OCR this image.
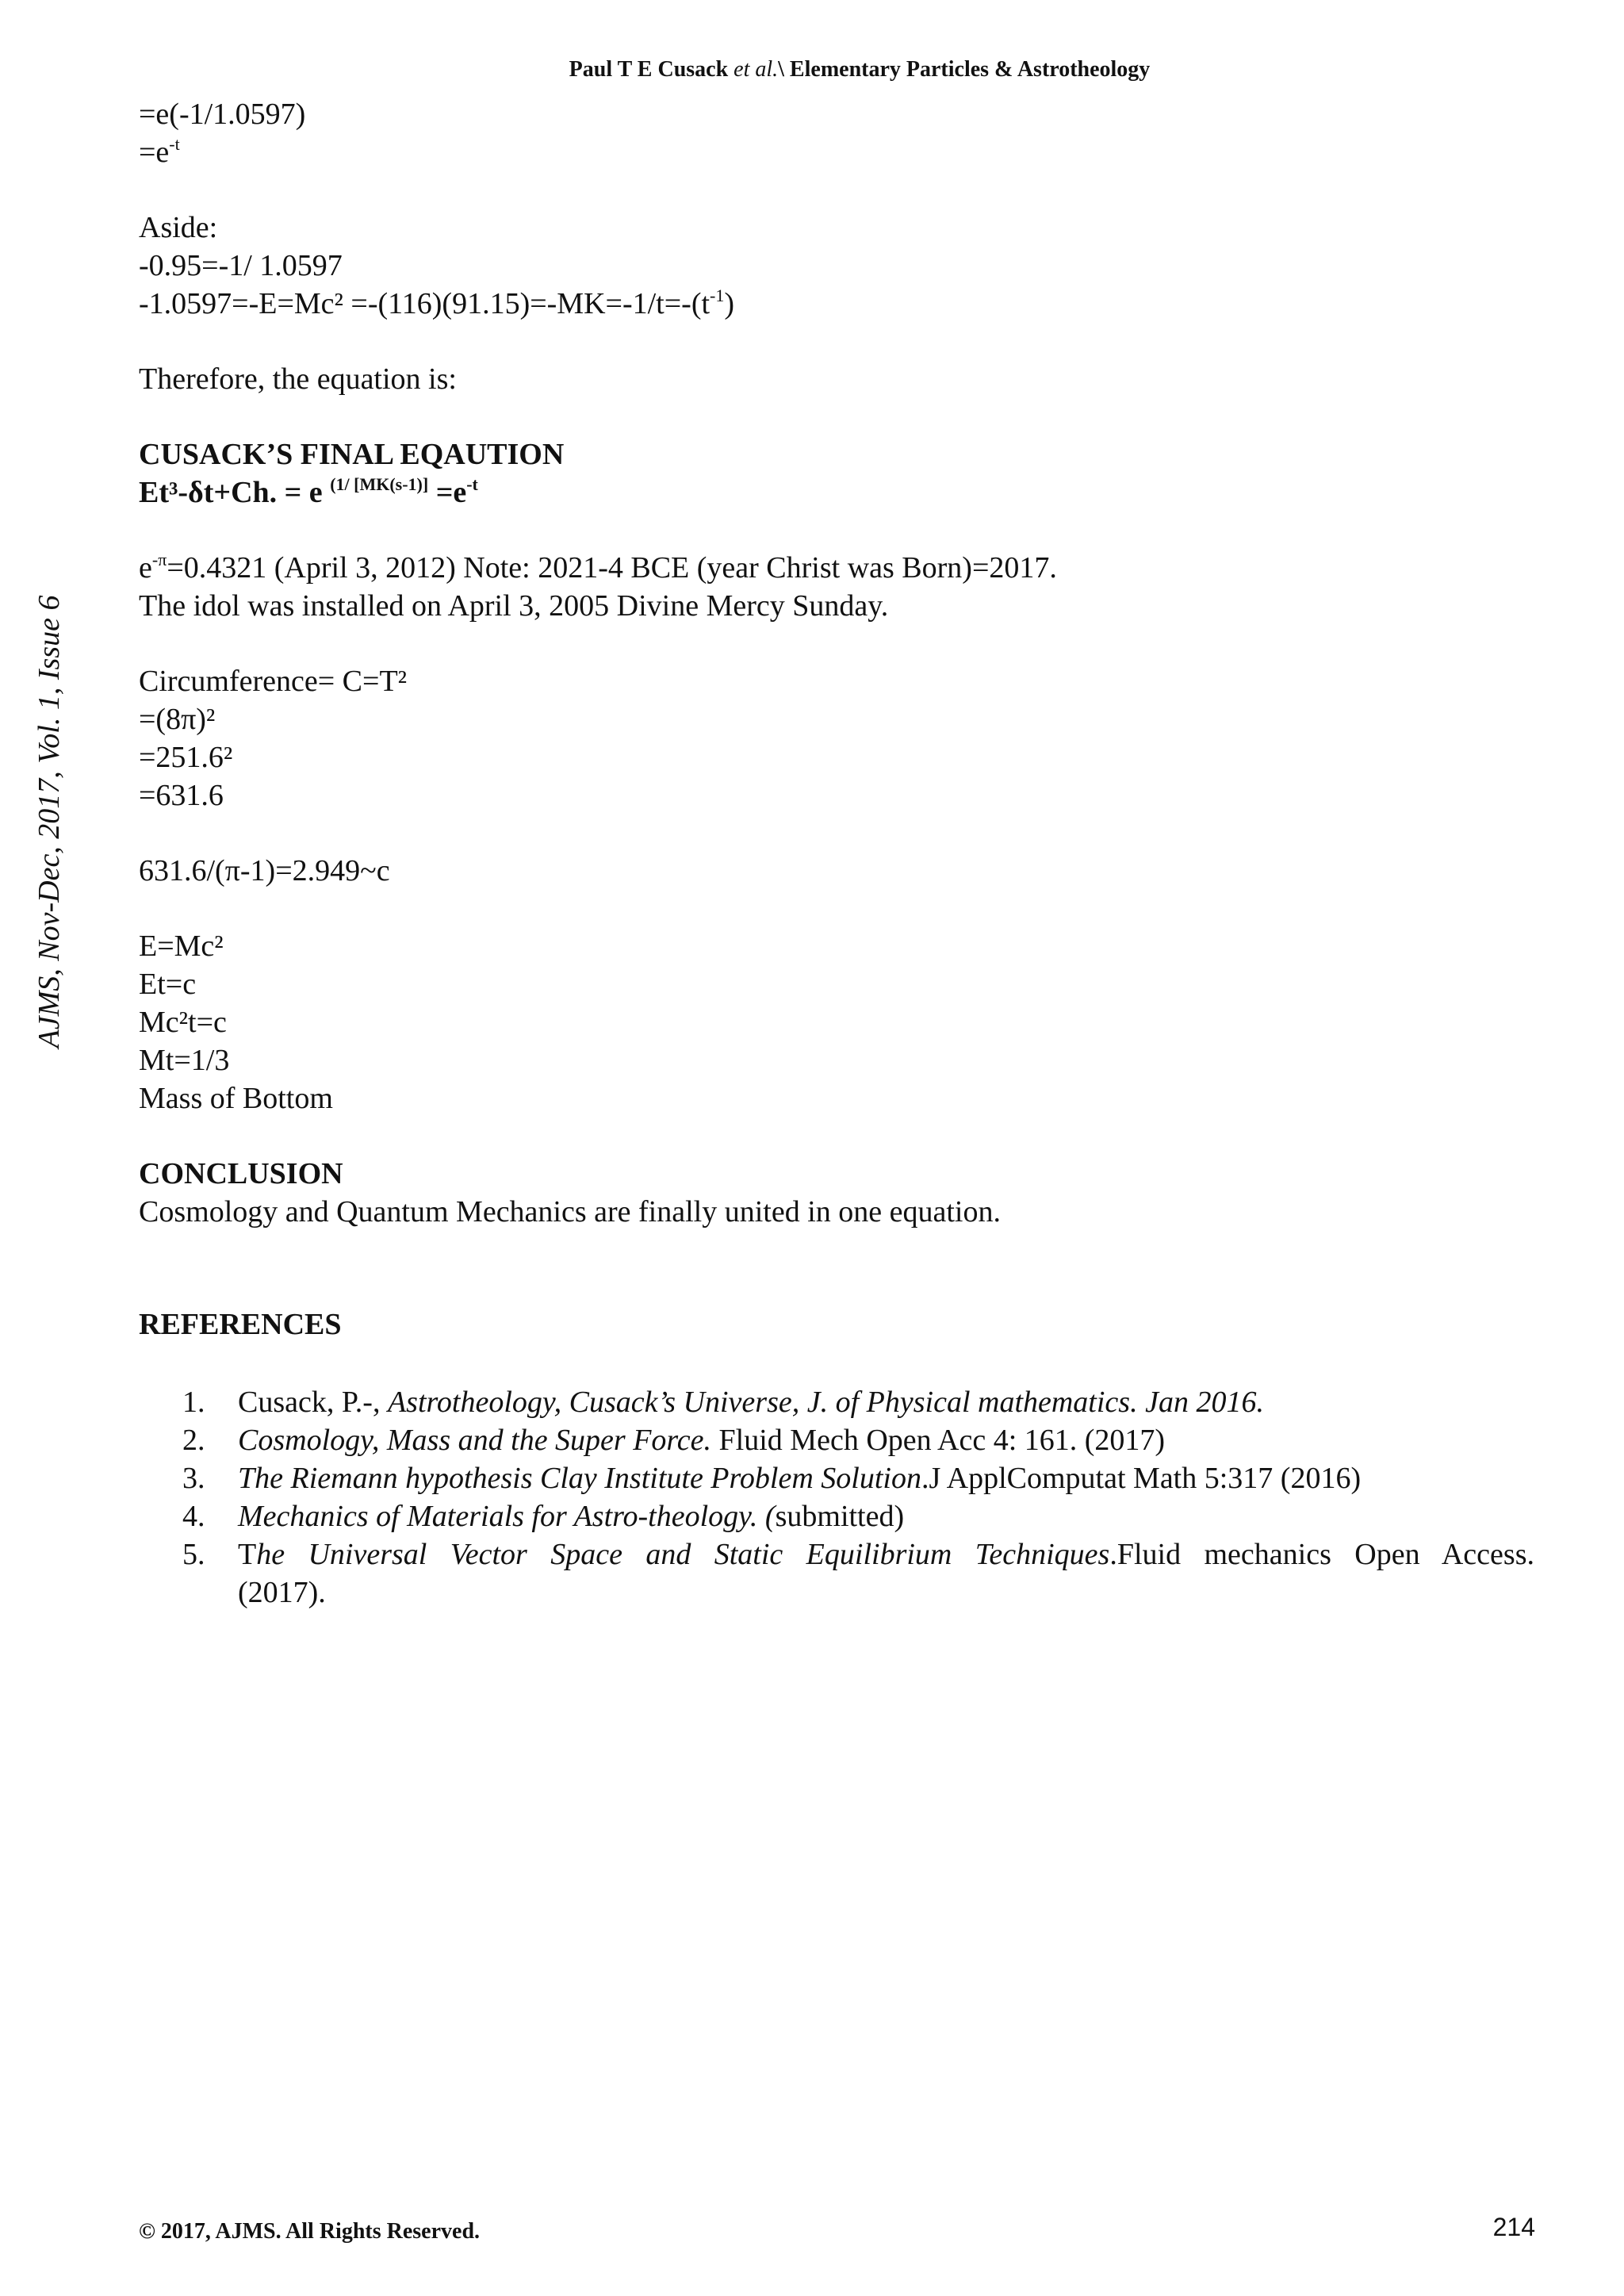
Paul T E Cusack et al.\ Elementary Particles & Astrotheology
AJMS, Nov-Dec, 2017, Vol. 1, Issue 6
=e(-1/1.0597)
$=e^{-t}$
Aside:
-0.95=-1/ 1.0597
$-1.0597=-E=Mc^2 =-(116)(91.15)=-MK=-1/t=-(t^{-1})$
Therefore, the equation is:
CUSACK’S FINAL EQAUTION
Et³-δt+Ch. = e $^{(1/ [MK(s-1)]} =e^{-t}$
$e^{-\pi}=0.4321$ (April 3, 2012) Note: 2021-4 BCE (year Christ was Born)=2017.
The idol was installed on April 3, 2005 Divine Mercy Sunday.
Circumference= C=T²
=(8π)²
=251.6²
=631.6
631.6/(π-1)=2.949~c
E=Mc²
Et=c
Mc²t=c
Mt=1/3
Mass of Bottom
CONCLUSION
Cosmology and Quantum Mechanics are finally united in one equation.
REFERENCES
1. Cusack, P.-, Astrotheology, Cusack’s Universe, J. of Physical mathematics. Jan 2016.
2. Cosmology, Mass and the Super Force. Fluid Mech Open Acc 4: 161. (2017)
3. The Riemann hypothesis Clay Institute Problem Solution.J ApplComputat Math 5:317 (2016)
4. Mechanics of Materials for Astro-theology. (submitted)
5. The Universal Vector Space and Static Equilibrium Techniques.Fluid mechanics Open Access.
(2017).
© 2017, AJMS. All Rights Reserved.	214
